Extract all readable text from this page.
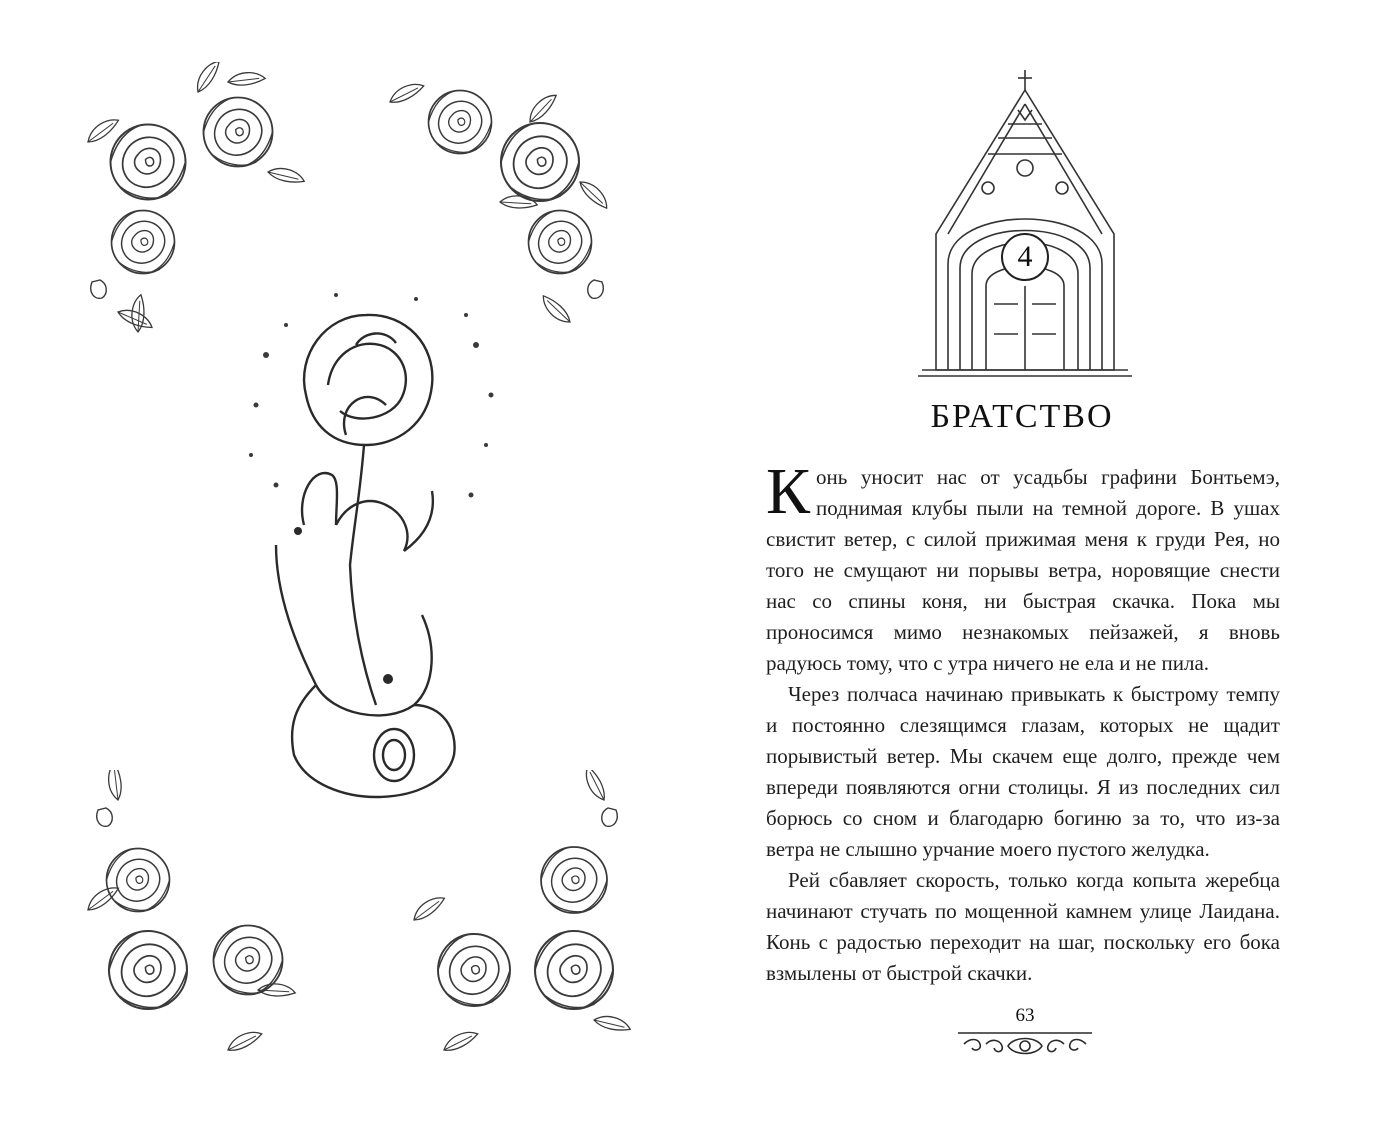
4
БРАТСТВО

Конь уносит нас от усадьбы графини Бонтьемэ, поднимая клубы пыли на темной дороге. В ушах свистит ветер, с силой прижимая меня к груди Рея, но того не смущают ни порывы ветра, норовящие снести нас со спины коня, ни быстрая скачка. Пока мы проносимся мимо незнакомых пейзажей, я вновь радуюсь тому, что с утра ничего не ела и не пила.

Через полчаса начинаю привыкать к быстрому темпу и постоянно слезящимся глазам, которых не щадит порывистый ветер. Мы скачем еще долго, прежде чем впереди появляются огни столицы. Я из последних сил борюсь со сном и благодарю богиню за то, что из-за ветра не слышно урчание моего пустого желудка.

Рей сбавляет скорость, только когда копыта жеребца начинают стучать по мощенной камнем улице Лаидана. Конь с радостью переходит на шаг, поскольку его бока взмылены от быстрой скачки.

63
